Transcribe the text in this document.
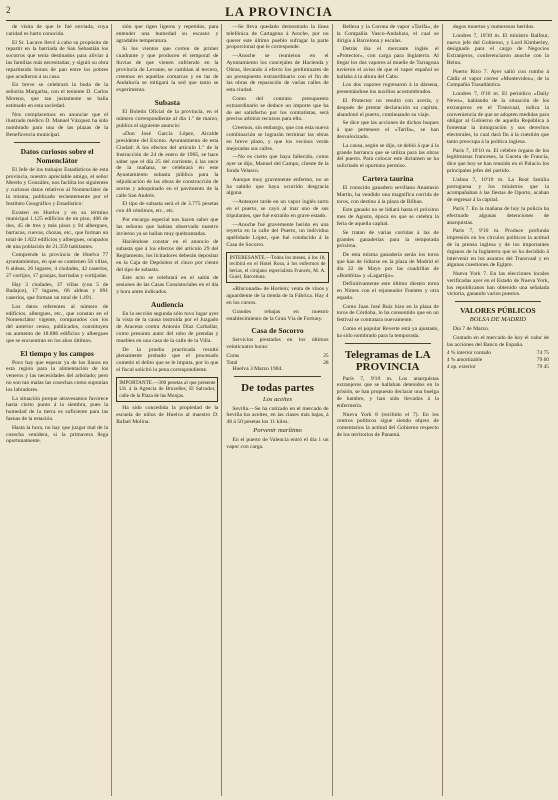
2	LA PROVINCIA

de visita de que le fué enviada, cuya caridad es harto conocida.

El Sr. Lacave llevó á cabo su propósito de repartir en la barriada de San Sebastián los socorros que tenía destinados para aliviar á las familias más necesitadas; y siguió su obra repartiendo bonos de pan entre los pobres que acudieron á su casa.

En breve se celebrará la boda de la señorita Margarita, con el teniente D. Carlos Moreno, que tan justamente se halla estimado en esta sociedad.

Nos complacemos en anunciar que el ilustrado médico D. Manuel Vázquez ha sido nombrado para una de las plazas de la Beneficencia municipal.

Datos curiosos sobre el Nomenclátor

El Jefe de los trabajos Estadísticos de esta provincia, nuestro apreciable amigo, el señor Merelo y González, nos facilita los siguientes y curiosos datos relativos al Nomenclátor de la misma, publicado recientemente por el Instituto Geográfico y Estadístico:

Existen en Huelva y en su término municipal 1.125 edificios de un piso, 406 de dos, 45 de tres y más pisos y 94 albergues, barracas, cuevas, chozas, etc., que forman un total de 1.822 edificios y albergues, ocupados de una población de 21.359 habitantes.

Comprende la provincia de Huelva 77 ayuntamientos, en que se contienen 56 villas, 6 aldeas, 26 lugares, 4 ciudades, 42 caseríos, 27 cortijos, 17 granjas, barriadas y cortijadas.

Hay 3 ciudades, 37 villas (con 5 de Badajoz), 17 lugares, 66 aldeas y 891 caseríos, que forman un total de 1.491.

Los datos referentes al número de edificios, albergues, etc., que constan en el Nomenclátor vigente, comparados con los del anterior censo, publicados, constituyen un aumento de 18.886 edificios y albergues que se encuentran en los años últimos.

El tiempo y los campos

Poco hay que esperar ya de los llanos en esta región para la alimentación de los veneros y las necesidades del arbolado; pero no son tan malas las cosechas como suponían los labradores.

La situación porque atravesamos favorece hasta cierto punto á la siembra, pues la humedad de la tierra es suficiente para las faenas de la estación.

Hasta la hora, no hay que juzgar mal de la cosecha venidera, si la primavera llega oportunamente.

sión que rigen ligeros y repetidos, para entender una humedad su escasez y agradable temperatura.

Si los vientos que corren de primer cuadrante y que producen el temporal de lluvias de que vienen sufriendo en la provincia de Levante, se cambian al tercero, creemos en aquellas comarcas y en las de Andalucía se mitigará la sed que tanto se experimenta.

Subasta

El Boletín Oficial de la provincia, en el número correspondiente al día 1.º de marzo, publica el siguiente anuncio:

«Don José García López, Alcalde presidente del Excmo. Ayuntamiento de esta Ciudad: A los efectos del artículo 1.º de la Instrucción de 24 de enero de 1905, se hace saber que el día 25 del corriente, á las once de la mañana, se celebrará en este Ayuntamiento subasta pública para la adjudicación de las obras de construcción de aceras y adoquinado en el pavimento de la calle San Andrés.

El tipo de subasta será el de 3.775 pesetas con 48 céntimos, etc., etc.

Por encargo especial nos hacen saber que las señoras que habían observado nuestro invierno ya se hallan muy quebrantadas.

Hacíéndose constar en el anuncio de subasta que á los efectos del artículo 29 del Reglamento, los licitadores deberán depositar en la Caja de Depósitos el cinco por ciento del tipo de subasta.

Este acto se celebrará en el salón de sesiones de las Casas Consistoriales en el día y hora antes indicados.

Audiencia

En la sección segunda sólo tuvo lugar ayer la vista de la causa instruida por el Juzgado de Aracena contra Antonio Díaz Carballar, como presunto autor del robo de prendas y muebles en una casa de la calle de la Villa.

De la prueba practicada resultó plenamente probado que el procesado cometió el delito que se le imputa, por lo que el fiscal solicitó la pena correspondiente.

IMPORTANTE.—300 pesetas al que presente Ud. á la Agencia de Bruxelles, El Salvador, calle de la Plaza de las Monjas.

Ha sido concedida la propiedad de la escuela de niños de Huelva al maestro D. Rafael Molina.

—Se lleva quedado demostrado la línea telefónica de Cartagena á Aroche, por no querer este último pueblo sufragar la parte proporcional que le corresponde.

—Anoche se reunieron en el Ayuntamiento los concejales de Hacienda y Obras, llevando á efecto los preliminares de un presupuesto extraordinario con el fin de las obras de reparación de varias calles de esta ciudad.

Como del contrato presupuesto extraordinario se deduce un importe que ha de ser satisfecho por los contratistas, será preciso arbitrar recursos para ello.

Creemos, sin embargo, que con esta nueva combinación se lograrán terminar las obras en breve plazo, y que los vecinos verán mejoradas sus calles.

—No es cierto que haya fallecido, como ayer se dijo, Manuel del Campo, cliente de la fonda Velasco.

Aunque muy gravemente enfermo, no se ha sabido que haya ocurrido desgracia alguna.

—Anteayer tarde en un vapor inglés surto en el puerto, se cayó al mar uno de sus tripulantes, que fué extraído en grave estado.

—Anoche fué gravemente herido en una reyerta en la calle del Puerto, un individuo apellidado López, que fué conducido á la Casa de Socorro.

INTERESANTE.—Todos los meses, á los 18, recibirá en el Hotel Rosa, á los enfermos de herias, el cirujano especialista Francés, M. A. Guiel, Barcelona.

«Rinconada» de Horlein; venta de vinos y aguardiente de la tienda de la Fábrica. Hay 4 en los cursos.

Grandes rebajas en nuestro establecimiento de la Gran Vía de Fortuny.

Casa de Socorro

Servicios prestados en los últimos veinticuatro horas:

Curas	25
Total	28

Huelva 3 Marzo 1904.

De todas partes
Los aceites

Sevilla.—Se ha cotizado en el mercado de Sevilla los aceites, en las clases más bajas, á 48 á 50 pesetas los 11 kilos.

Porvenir marítimo

En el puerto de Valencia entró el día 1 un vapor con carga.

Belleza y la Corona de vapor «Tarifa», de la Compañía Vasco-Andaluza, el cual se dirigía á Barcelona y escalas.

Detrás iba el mercante inglés el «Protector», con carga para Inglaterra. Al llegar los dos vapores al muelle de Tarragona tuvieron el aviso de que el vapor español se hallaba á la altura del Cabo.

Los dos vapores regresaron á la dársena, presentándose los auxilios acostumbrados.

El Protector no resultó con avería, y después de prestar declaración su capitán, abandonó el puerto, continuando su viaje.

Se dice que las acciones de dichos buques á que pertenece el «Tarifa», se han desvalorizado.

La causa, según se dijo, se debió á que á la grande barranca que se utiliza para las obras del puerto. Para colocar este dictamen se ha solicitado el oportuno permiso.

Cartera taurina

El conocido ganadero sevillano Anastasio Martín, ha vendido una magnífica corrida de toros, con destino á la plaza de Bilbao.

Este ganado no se lidiará hasta el próximo mes de Agosto, época en que se celebra la feria de aquella capital.

Se tratan de varias corridas á las de grandes ganaderías para la temporada próxima.

De esta misma ganadería serán los toros que han de lidiarse en la plaza de Madrid el día 22 de Mayo por las cuadrillas de «Bombita» y «Lagartijo».

Definitivamente este último diestro torea en Nimes con el rejoneador Fuentes y otra espada.

Como Juan José Ruiz hizo en la plaza de toros de Córdoba, lo ha consentido que en un festival se contratara nuevamente.

Como el popular Reverte está ya ajustado, ha sido nombrado para la temporada.

Telegramas de LA PROVINCIA

París 7, 9'10 m. Los anarquistas extranjeros que se hallaban detenidos en la prisión, se han propuesto declarar una huelga de hambre, y han sido llevados á la enfermería.

Nueva York 8 (recibido el 7). En los centros políticos sigue siendo objeto de comentarios la actitud del Gobierno respecto de los territorios de Panamá.

dugos muertos y numerosos heridos.

Londres 7, 10'30 m. El ministro Balfour, nuevo jefe del Gobierno, y Lord Kimberley, designado para el cargo de Negocios Extranjeros, conferenciaron anoche con la Reina.

Puerto Rico 7. Ayer salió con rumbo á Cádiz el vapor correo «Montevideo», de la Compañía Trasatlántica.

Londres 7, 0'10 m. El periódico «Daily News», hablando de la situación de los extranjeros en el Transvaal, indica la conveniencia de que se adopten medidas para obligar al Gobierno de aquella República á fomentar la inmigración y sus derechos electorales, lo cual dará fin á la cuestión que tanto preocupa á la política inglesa.

París 7, 10'10 m. El célebre órgano de los legitimistas franceses, la Gaceta de Francia, dice que hoy se han reunido en el Palacio los principales jefes del partido.

Lisboa 7, 10'10 m. La Real familia portuguesa y los ministros que la acompañaban á las fiestas de Oporto, acaban de regresar á la capital.

París 7. En la mañana de hoy la policía ha efectuado algunas detenciones de anarquistas.

París 7, 9'10 m. Produce profunda impresión en los círculos políticos la actitud de la prensa inglesa y de los importantes órganos de la Inglaterra que se ha decidido á intervenir en los asuntos del Transvaal y en algunas cuestiones de Egipto.

Nueva York 7. En las elecciones locales verificadas ayer en el Estado de Nueva York, los republicanos han obtenido una señalada victoria, ganando varios puestos.

VALORES PÚBLICOS
BOLSA DE MADRID

Dia 7 de Marzo.

Contado en el mercado de hoy el valor de las acciones del Banco de España.

4 % interior contado	74 75
4 % amortizable	79 60
4 op. exterior	79 45
